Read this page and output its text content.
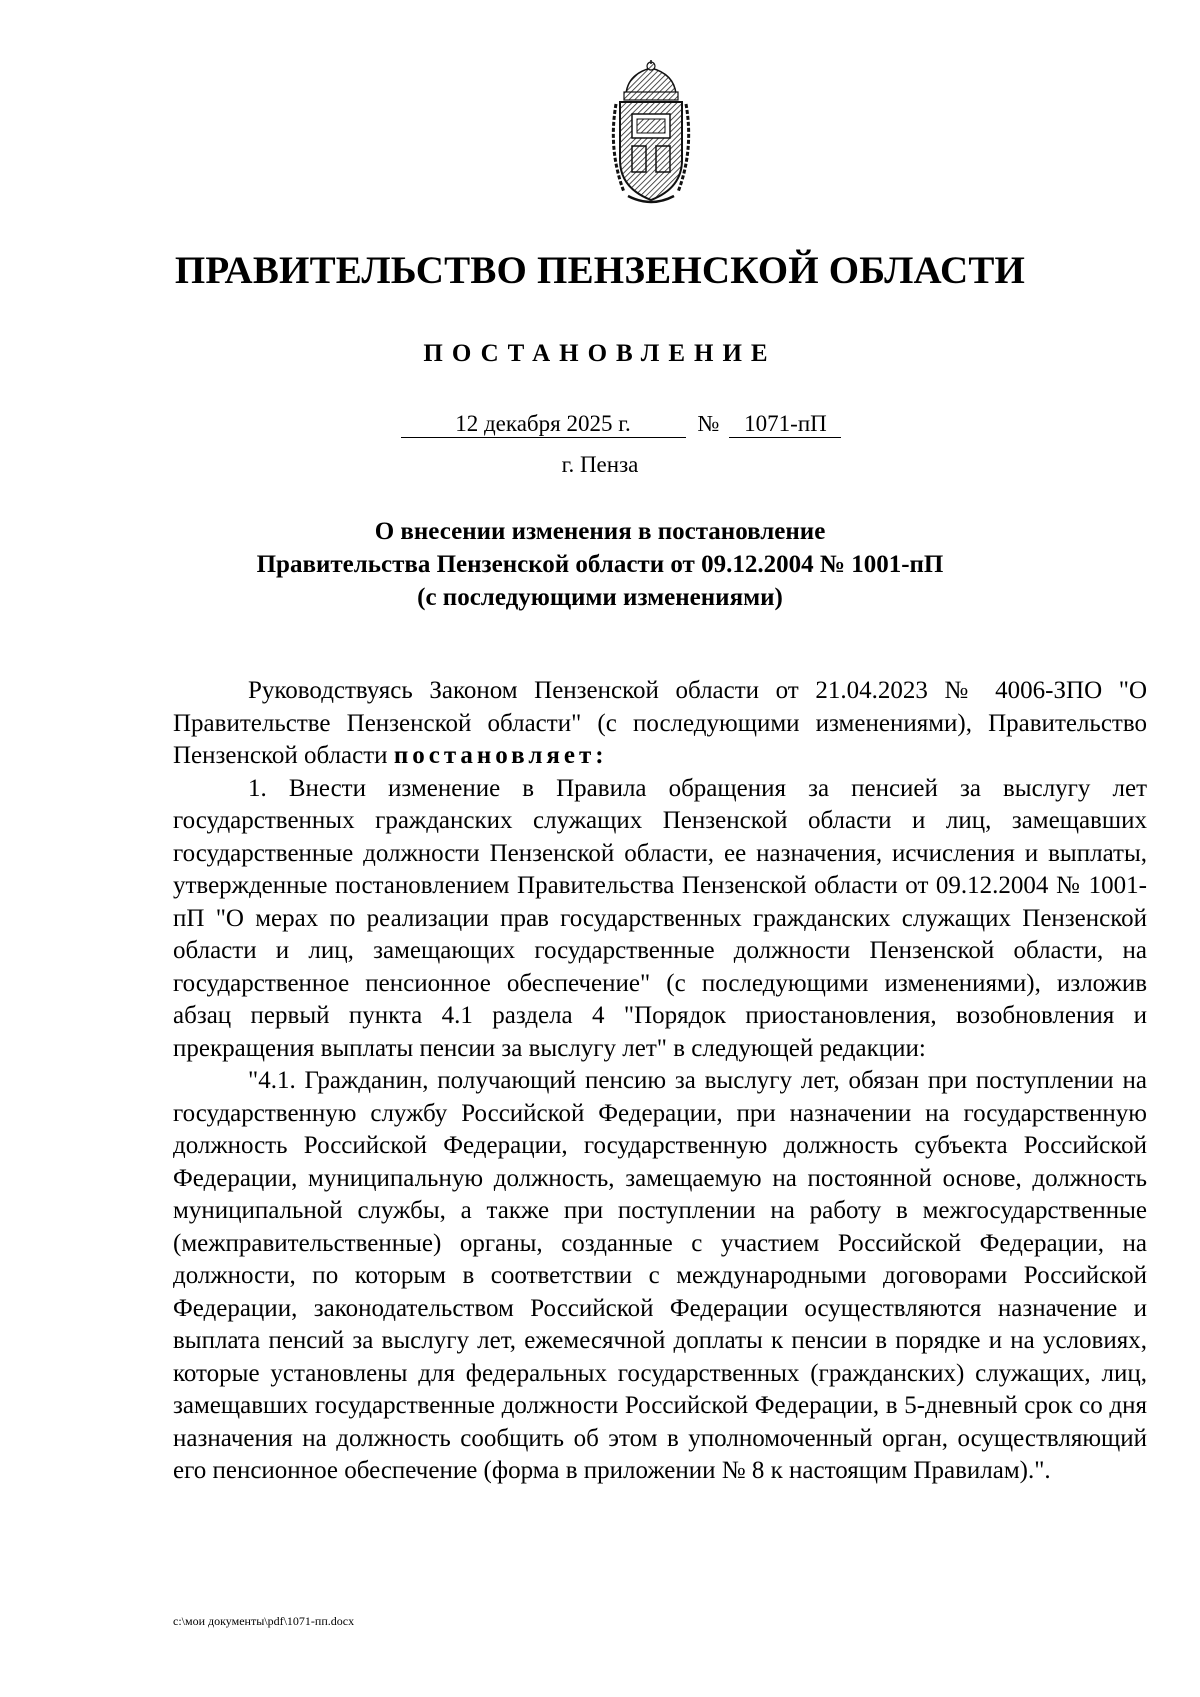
ПРАВИТЕЛЬСТВО ПЕНЗЕНСКОЙ ОБЛАСТИ
ПОСТАНОВЛЕНИЕ
12 декабря 2025 г.	№ 1071-пП
г. Пенза
О внесении изменения в постановление
Правительства Пензенской области от 09.12.2004 № 1001-пП
(с последующими изменениями)

Руководствуясь Законом Пензенской области от 21.04.2023 № 4006-ЗПО "О Правительстве Пензенской области" (с последующими изменениями), Правительство Пензенской области постановляет:

1. Внести изменение в Правила обращения за пенсией за выслугу лет государственных гражданских служащих Пензенской области и лиц, замещавших государственные должности Пензенской области, ее назначения, исчисления и выплаты, утвержденные постановлением Правительства Пензенской области от 09.12.2004 № 1001-пП "О мерах по реализации прав государственных гражданских служащих Пензенской области и лиц, замещающих государственные должности Пензенской области, на государственное пенсионное обеспечение" (с последующими изменениями), изложив абзац первый пункта 4.1 раздела 4 "Порядок приостановления, возобновления и прекращения выплаты пенсии за выслугу лет" в следующей редакции:

"4.1. Гражданин, получающий пенсию за выслугу лет, обязан при поступлении на государственную службу Российской Федерации, при назначении на государственную должность Российской Федерации, государственную должность субъекта Российской Федерации, муниципальную должность, замещаемую на постоянной основе, должность муниципальной службы, а также при поступлении на работу в межгосударственные (межправительственные) органы, созданные с участием Российской Федерации, на должности, по которым в соответствии с международными договорами Российской Федерации, законодательством Российской Федерации осуществляются назначение и выплата пенсий за выслугу лет, ежемесячной доплаты к пенсии в порядке и на условиях, которые установлены для федеральных государственных (гражданских) служащих, лиц, замещавших государственные должности Российской Федерации, в 5-дневный срок со дня назначения на должность сообщить об этом в уполномоченный орган, осуществляющий его пенсионное обеспечение (форма в приложении № 8 к настоящим Правилам).".

c:\мои документы\pdf\1071-пп.docx
